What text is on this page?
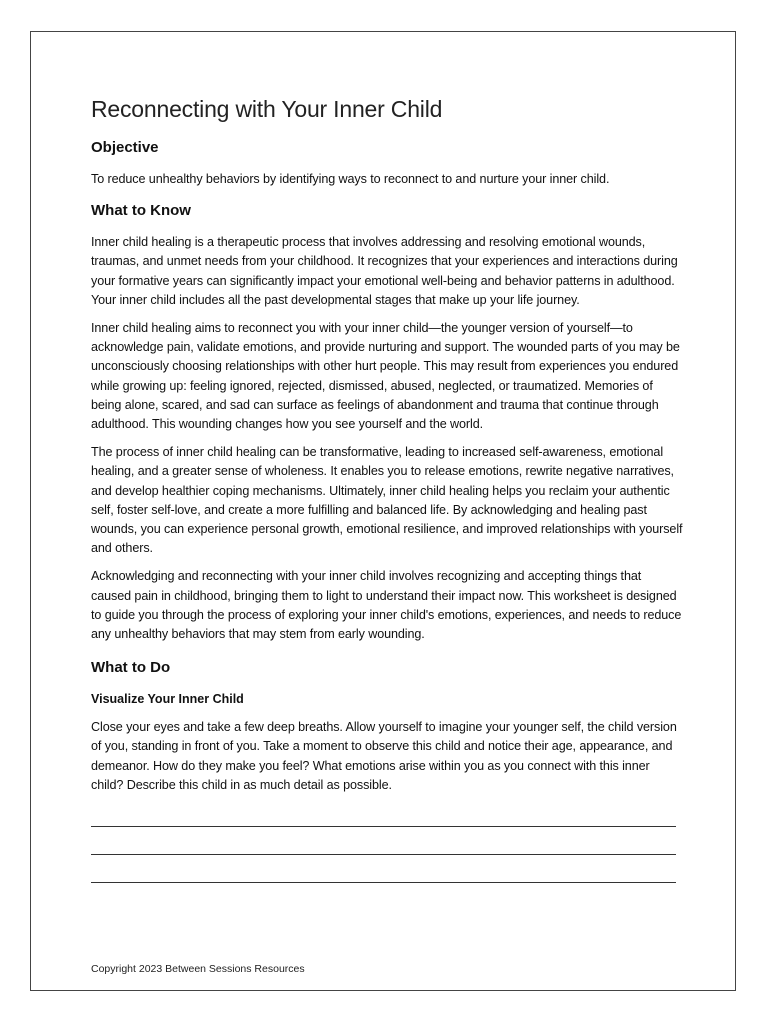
Reconnecting with Your Inner Child
Objective

To reduce unhealthy behaviors by identifying ways to reconnect to and nurture your inner child.

What to Know

Inner child healing is a therapeutic process that involves addressing and resolving emotional wounds, traumas, and unmet needs from your childhood. It recognizes that your experiences and interactions during your formative years can significantly impact your emotional well-being and behavior patterns in adulthood. Your inner child includes all the past developmental stages that make up your life journey.

Inner child healing aims to reconnect you with your inner child—the younger version of yourself—to acknowledge pain, validate emotions, and provide nurturing and support. The wounded parts of you may be unconsciously choosing relationships with other hurt people. This may result from experiences you endured while growing up: feeling ignored, rejected, dismissed, abused, neglected, or traumatized. Memories of being alone, scared, and sad can surface as feelings of abandonment and trauma that continue through adulthood. This wounding changes how you see yourself and the world.

The process of inner child healing can be transformative, leading to increased self-awareness, emotional healing, and a greater sense of wholeness. It enables you to release emotions, rewrite negative narratives, and develop healthier coping mechanisms. Ultimately, inner child healing helps you reclaim your authentic self, foster self-love, and create a more fulfilling and balanced life. By acknowledging and healing past wounds, you can experience personal growth, emotional resilience, and improved relationships with yourself and others.

Acknowledging and reconnecting with your inner child involves recognizing and accepting things that caused pain in childhood, bringing them to light to understand their impact now. This worksheet is designed to guide you through the process of exploring your inner child's emotions, experiences, and needs to reduce any unhealthy behaviors that may stem from early wounding.

What to Do
Visualize Your Inner Child

Close your eyes and take a few deep breaths. Allow yourself to imagine your younger self, the child version of you, standing in front of you. Take a moment to observe this child and notice their age, appearance, and demeanor. How do they make you feel? What emotions arise within you as you connect with this inner child? Describe this child in as much detail as possible.

Copyright 2023 Between Sessions Resources
